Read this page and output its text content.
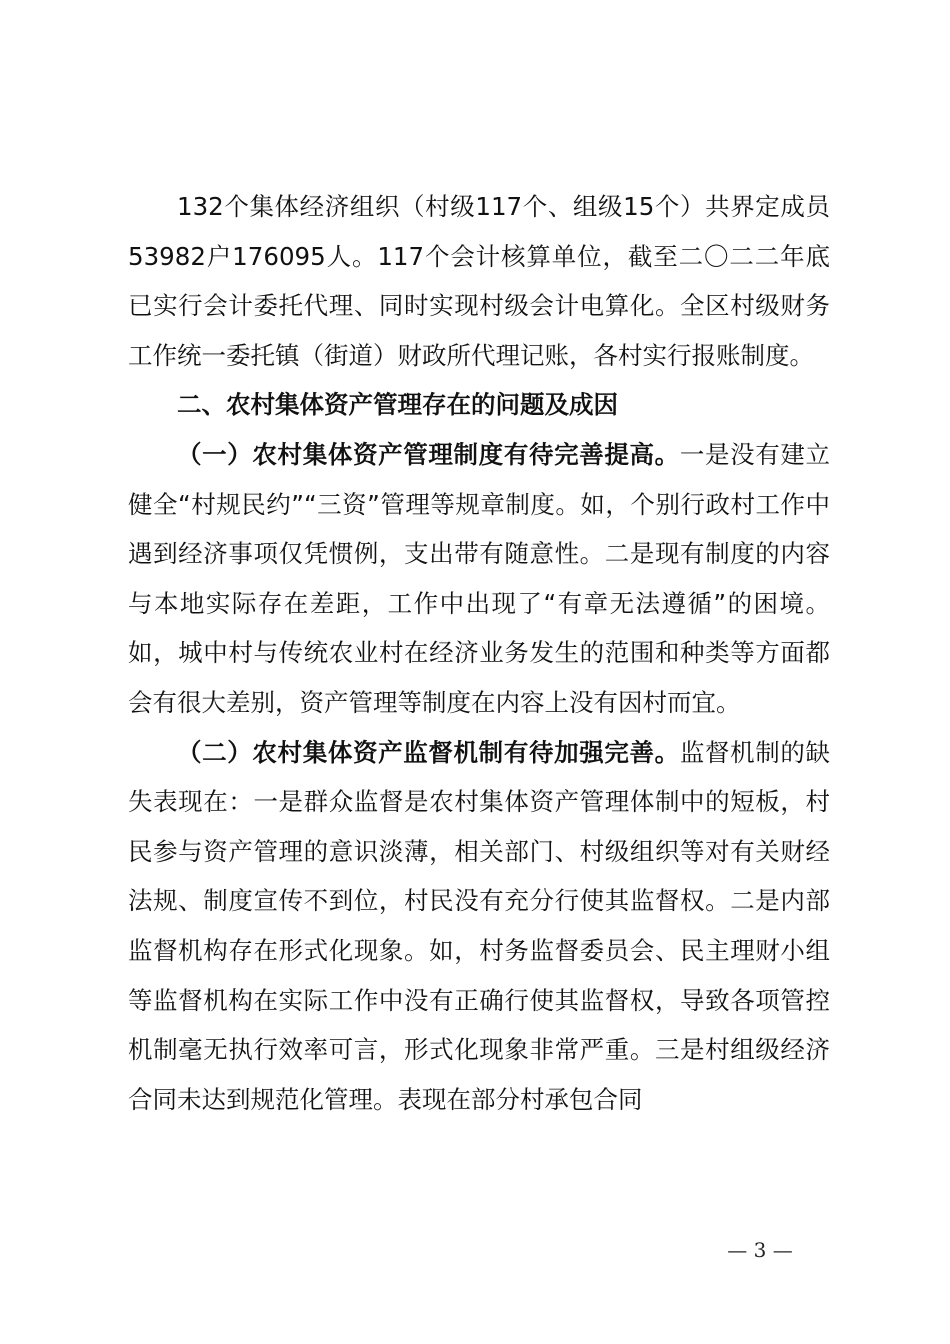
132个集体经济组织（村级117个、组级15个）共界定成员53982户176095人。117个会计核算单位，截至二〇二二年底已实行会计委托代理、同时实现村级会计电算化。全区村级财务工作统一委托镇（街道）财政所代理记账，各村实行报账制度。

二、农村集体资产管理存在的问题及成因

（一）农村集体资产管理制度有待完善提高。一是没有建立健全“村规民约”“三资”管理等规章制度。如，个别行政村工作中遇到经济事项仅凭惯例，支出带有随意性。二是现有制度的内容与本地实际存在差距，工作中出现了“有章无法遵循”的困境。如，城中村与传统农业村在经济业务发生的范围和种类等方面都会有很大差别，资产管理等制度在内容上没有因村而宜。

（二）农村集体资产监督机制有待加强完善。监督机制的缺失表现在：一是群众监督是农村集体资产管理体制中的短板，村民参与资产管理的意识淡薄，相关部门、村级组织等对有关财经法规、制度宣传不到位，村民没有充分行使其监督权。二是内部监督机构存在形式化现象。如，村务监督委员会、民主理财小组等监督机构在实际工作中没有正确行使其监督权，导致各项管控机制毫无执行效率可言，形式化现象非常严重。三是村组级经济合同未达到规范化管理。表现在部分村承包合同

— 3 —
